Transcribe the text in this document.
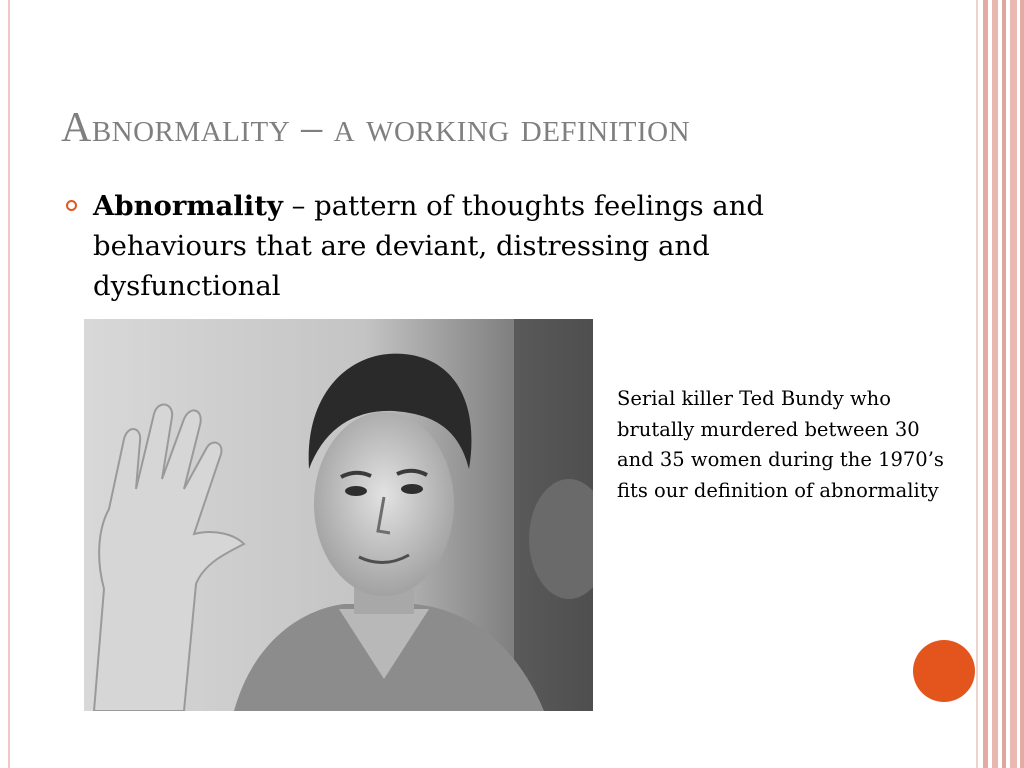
Abnormality – a working definition

Abnormality – pattern of thoughts feelings and behaviours that are deviant, distressing and dysfunctional

Serial killer Ted Bundy who brutally murdered between 30 and 35 women during the 1970’s fits our definition of abnormality
